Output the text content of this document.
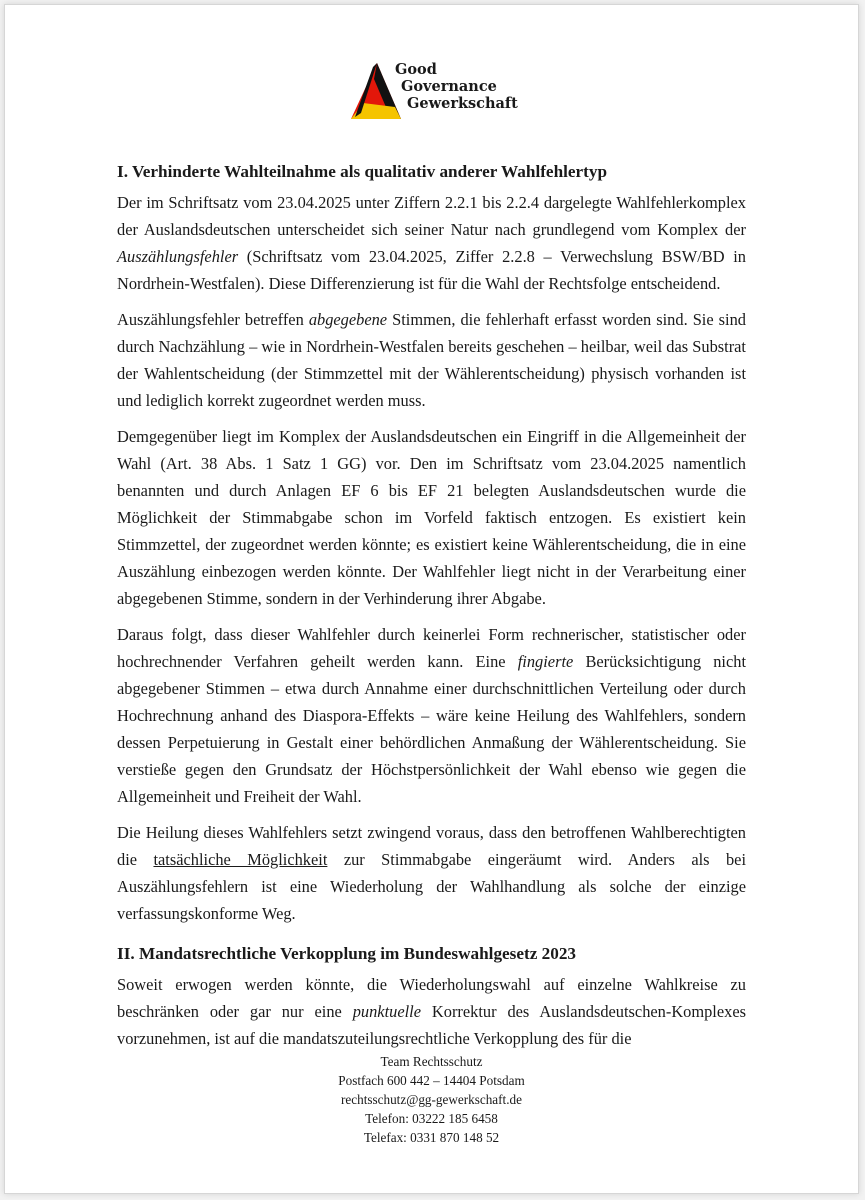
Good
Governance
Gewerkschaft
I. Verhinderte Wahlteilnahme als qualitativ anderer Wahlfehlertyp

Der im Schriftsatz vom 23.04.2025 unter Ziffern 2.2.1 bis 2.2.4 dargelegte Wahlfehlerkomplex der Auslandsdeutschen unterscheidet sich seiner Natur nach grundlegend vom Komplex der Auszählungsfehler (Schriftsatz vom 23.04.2025, Ziffer 2.2.8 – Verwechslung BSW/BD in Nordrhein-Westfalen). Diese Differenzierung ist für die Wahl der Rechtsfolge entscheidend.

Auszählungsfehler betreffen abgegebene Stimmen, die fehlerhaft erfasst worden sind. Sie sind durch Nachzählung – wie in Nordrhein-Westfalen bereits geschehen – heilbar, weil das Substrat der Wahlentscheidung (der Stimmzettel mit der Wählerentscheidung) physisch vorhanden ist und lediglich korrekt zugeordnet werden muss.

Demgegenüber liegt im Komplex der Auslandsdeutschen ein Eingriff in die Allgemeinheit der Wahl (Art. 38 Abs. 1 Satz 1 GG) vor. Den im Schriftsatz vom 23.04.2025 namentlich benannten und durch Anlagen EF 6 bis EF 21 belegten Auslandsdeutschen wurde die Möglichkeit der Stimmabgabe schon im Vorfeld faktisch entzogen. Es existiert kein Stimmzettel, der zugeordnet werden könnte; es existiert keine Wählerentscheidung, die in eine Auszählung einbezogen werden könnte. Der Wahlfehler liegt nicht in der Verarbeitung einer abgegebenen Stimme, sondern in der Verhinderung ihrer Abgabe.

Daraus folgt, dass dieser Wahlfehler durch keinerlei Form rechnerischer, statistischer oder hochrechnender Verfahren geheilt werden kann. Eine fingierte Berücksichtigung nicht abgegebener Stimmen – etwa durch Annahme einer durchschnittlichen Verteilung oder durch Hochrechnung anhand des Diaspora-Effekts – wäre keine Heilung des Wahlfehlers, sondern dessen Perpetuierung in Gestalt einer behördlichen Anmaßung der Wählerentscheidung. Sie verstieße gegen den Grundsatz der Höchstpersönlichkeit der Wahl ebenso wie gegen die Allgemeinheit und Freiheit der Wahl.

Die Heilung dieses Wahlfehlers setzt zwingend voraus, dass den betroffenen Wahlberechtigten die tatsächliche Möglichkeit zur Stimmabgabe eingeräumt wird. Anders als bei Auszählungsfehlern ist eine Wiederholung der Wahlhandlung als solche der einzige verfassungskonforme Weg.

II. Mandatsrechtliche Verkopplung im Bundeswahlgesetz 2023

Soweit erwogen werden könnte, die Wiederholungswahl auf einzelne Wahlkreise zu beschränken oder gar nur eine punktuelle Korrektur des Auslandsdeutschen-Komplexes vorzunehmen, ist auf die mandatszuteilungsrechtliche Verkopplung des für die

Team Rechtsschutz
Postfach 600 442 – 14404 Potsdam
rechtsschutz@gg-gewerkschaft.de
Telefon: 03222 185 6458
Telefax: 0331 870 148 52
